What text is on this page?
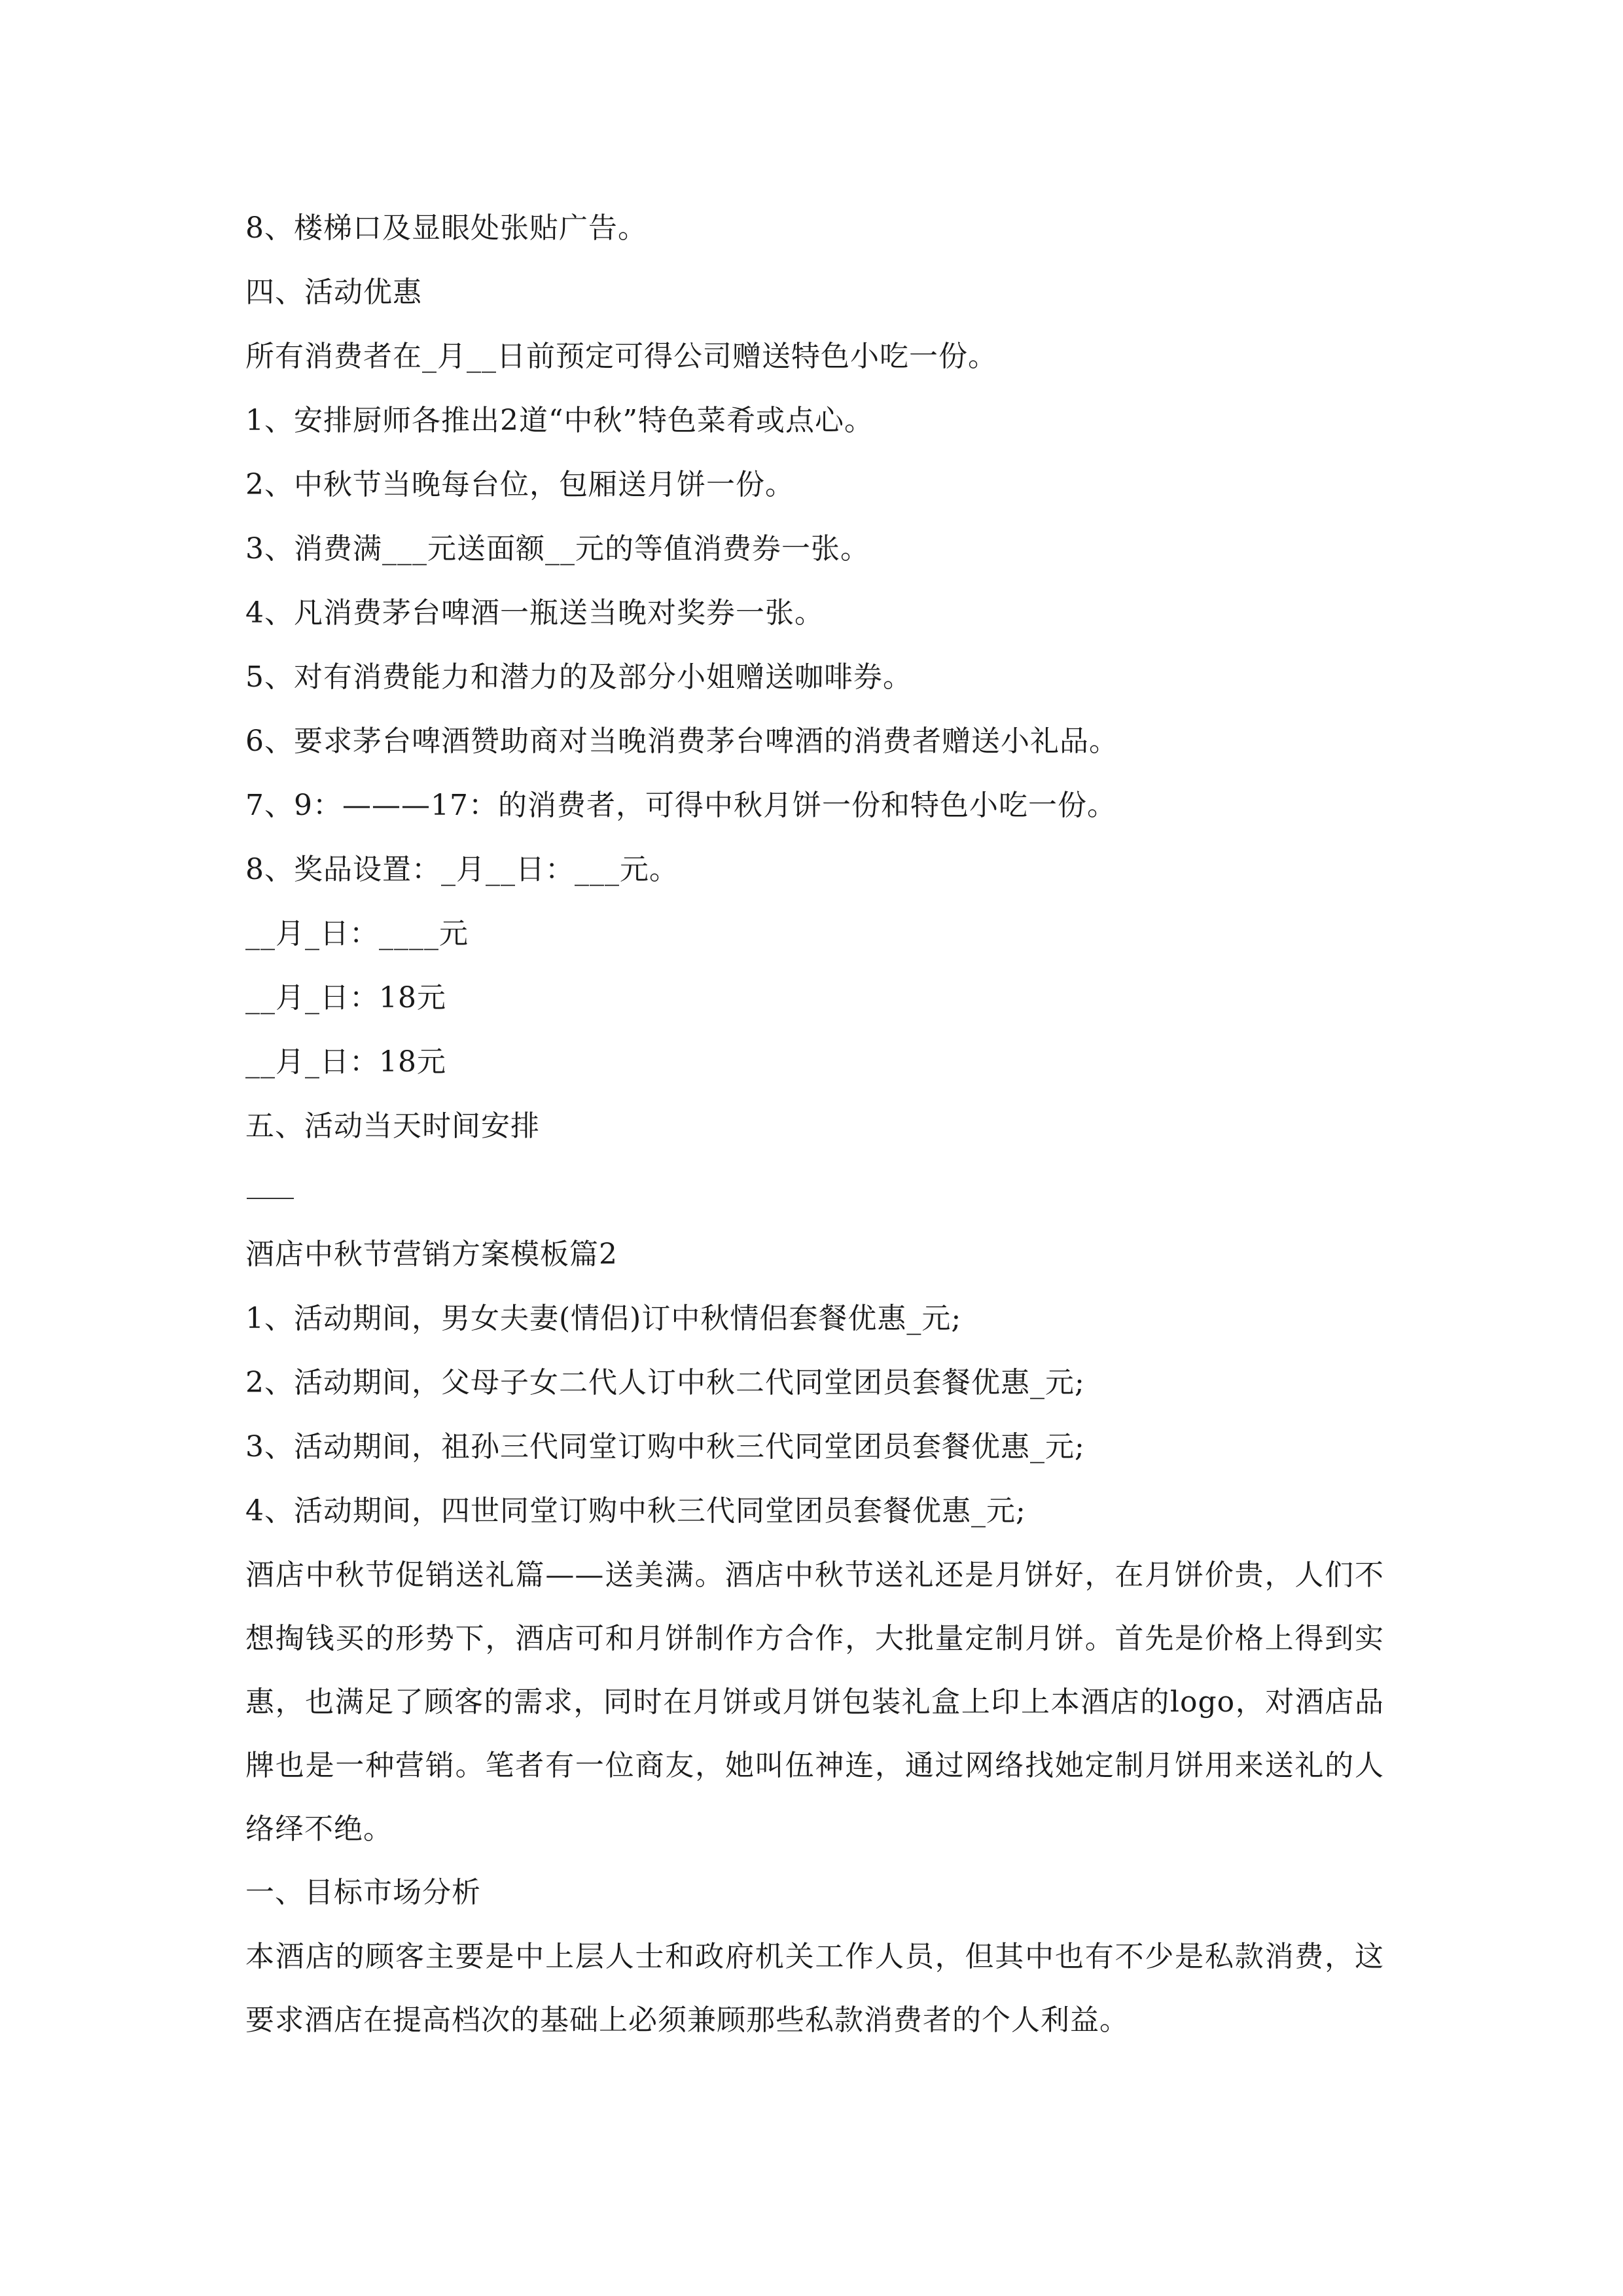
8、楼梯口及显眼处张贴广告。
四、活动优惠
所有消费者在_月__日前预定可得公司赠送特色小吃一份。
1、安排厨师各推出2道“中秋”特色菜肴或点心。
2、中秋节当晚每台位，包厢送月饼一份。
3、消费满___元送面额__元的等值消费券一张。
4、凡消费茅台啤酒一瓶送当晚对奖券一张。
5、对有消费能力和潜力的及部分小姐赠送咖啡券。
6、要求茅台啤酒赞助商对当晚消费茅台啤酒的消费者赠送小礼品。
7、9：———17：的消费者，可得中秋月饼一份和特色小吃一份。
8、奖品设置：_月__日：___元。
__月_日：____元
__月_日：18元
__月_日：18元
五、活动当天时间安排
酒店中秋节营销方案模板篇2
1、活动期间，男女夫妻(情侣)订中秋情侣套餐优惠_元;
2、活动期间，父母子女二代人订中秋二代同堂团员套餐优惠_元;
3、活动期间，祖孙三代同堂订购中秋三代同堂团员套餐优惠_元;
4、活动期间，四世同堂订购中秋三代同堂团员套餐优惠_元;
酒店中秋节促销送礼篇——送美满。酒店中秋节送礼还是月饼好，在月饼价贵，人们不想掏钱买的形势下，酒店可和月饼制作方合作，大批量定制月饼。首先是价格上得到实惠，也满足了顾客的需求，同时在月饼或月饼包装礼盒上印上本酒店的logo，对酒店品牌也是一种营销。笔者有一位商友，她叫伍神连，通过网络找她定制月饼用来送礼的人络绎不绝。
一、目标市场分析
本酒店的顾客主要是中上层人士和政府机关工作人员，但其中也有不少是私款消费，这要求酒店在提高档次的基础上必须兼顾那些私款消费者的个人利益。
